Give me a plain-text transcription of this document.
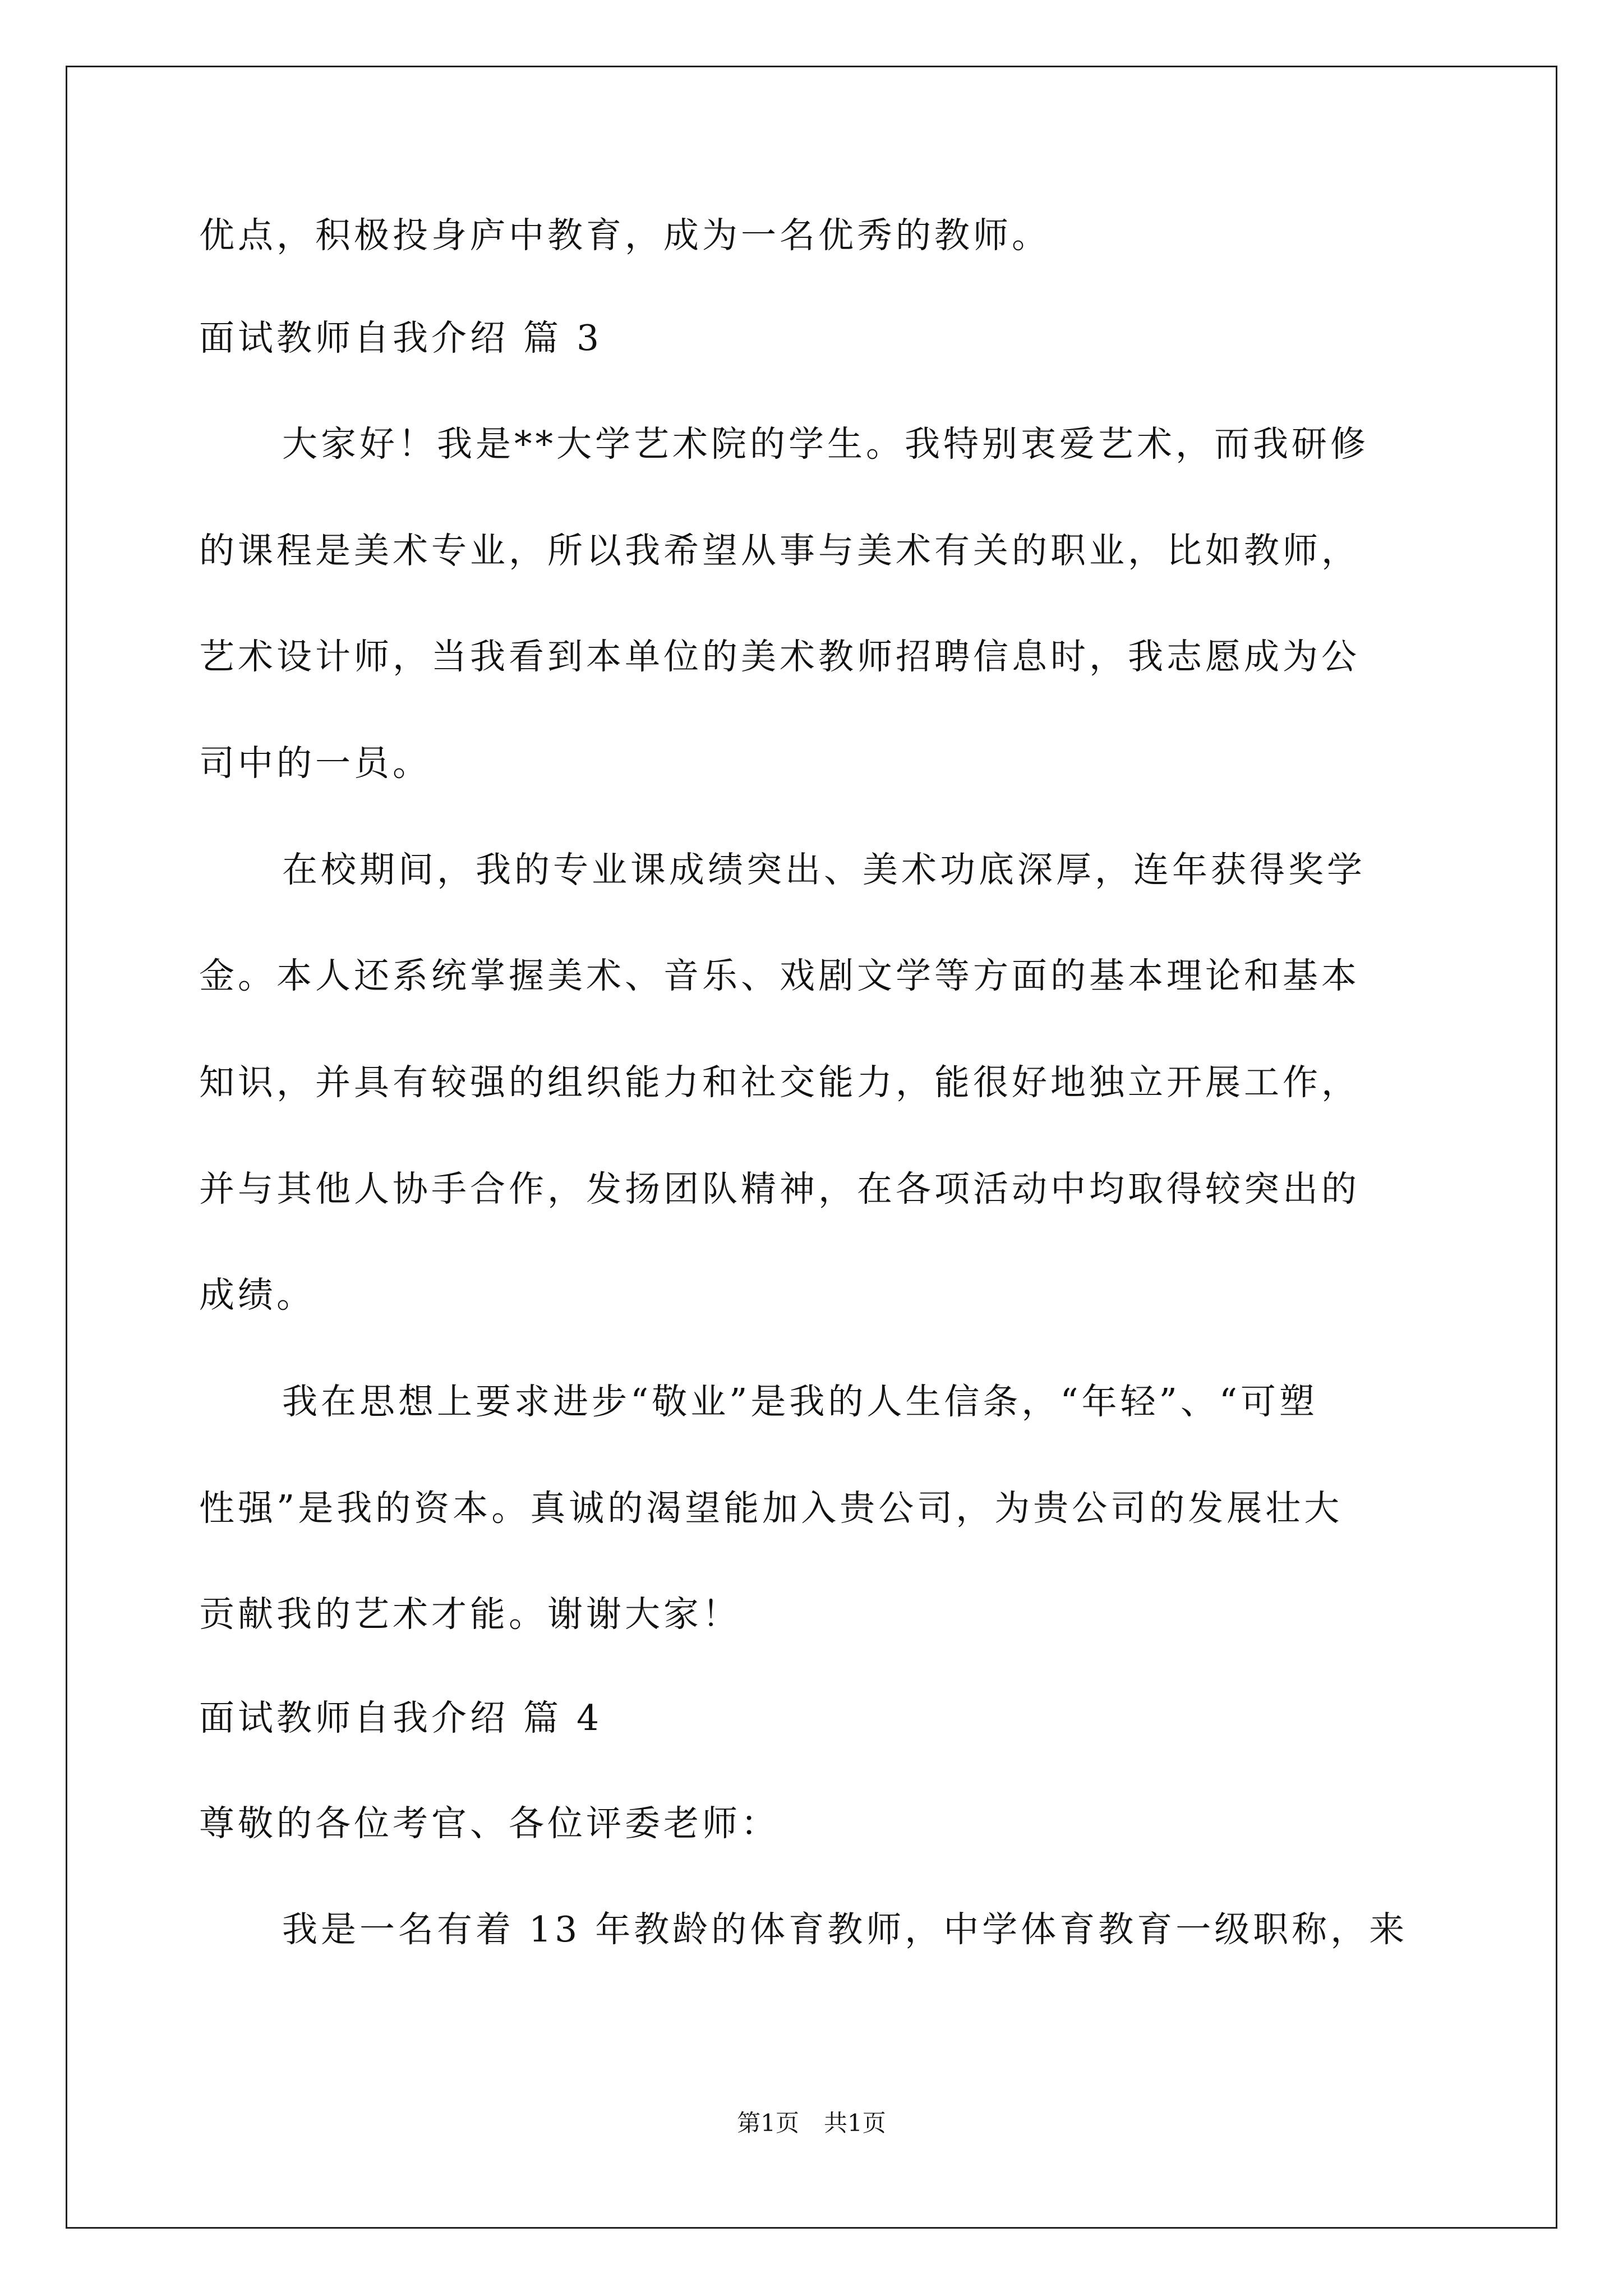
优点，积极投身庐中教育，成为一名优秀的教师。
面试教师自我介绍 篇 3
大家好！我是**大学艺术院的学生。我特别衷爱艺术，而我研修
的课程是美术专业，所以我希望从事与美术有关的职业，比如教师，
艺术设计师，当我看到本单位的美术教师招聘信息时，我志愿成为公
司中的一员。
在校期间，我的专业课成绩突出、美术功底深厚，连年获得奖学
金。本人还系统掌握美术、音乐、戏剧文学等方面的基本理论和基本
知识，并具有较强的组织能力和社交能力，能很好地独立开展工作，
并与其他人协手合作，发扬团队精神，在各项活动中均取得较突出的
成绩。
我在思想上要求进步“敬业”是我的人生信条，“年轻”、“可塑
性强”是我的资本。真诚的渴望能加入贵公司，为贵公司的发展壮大
贡献我的艺术才能。谢谢大家！
面试教师自我介绍 篇 4
尊敬的各位考官、各位评委老师：
我是一名有着 13 年教龄的体育教师，中学体育教育一级职称，来
第1页 共1页
